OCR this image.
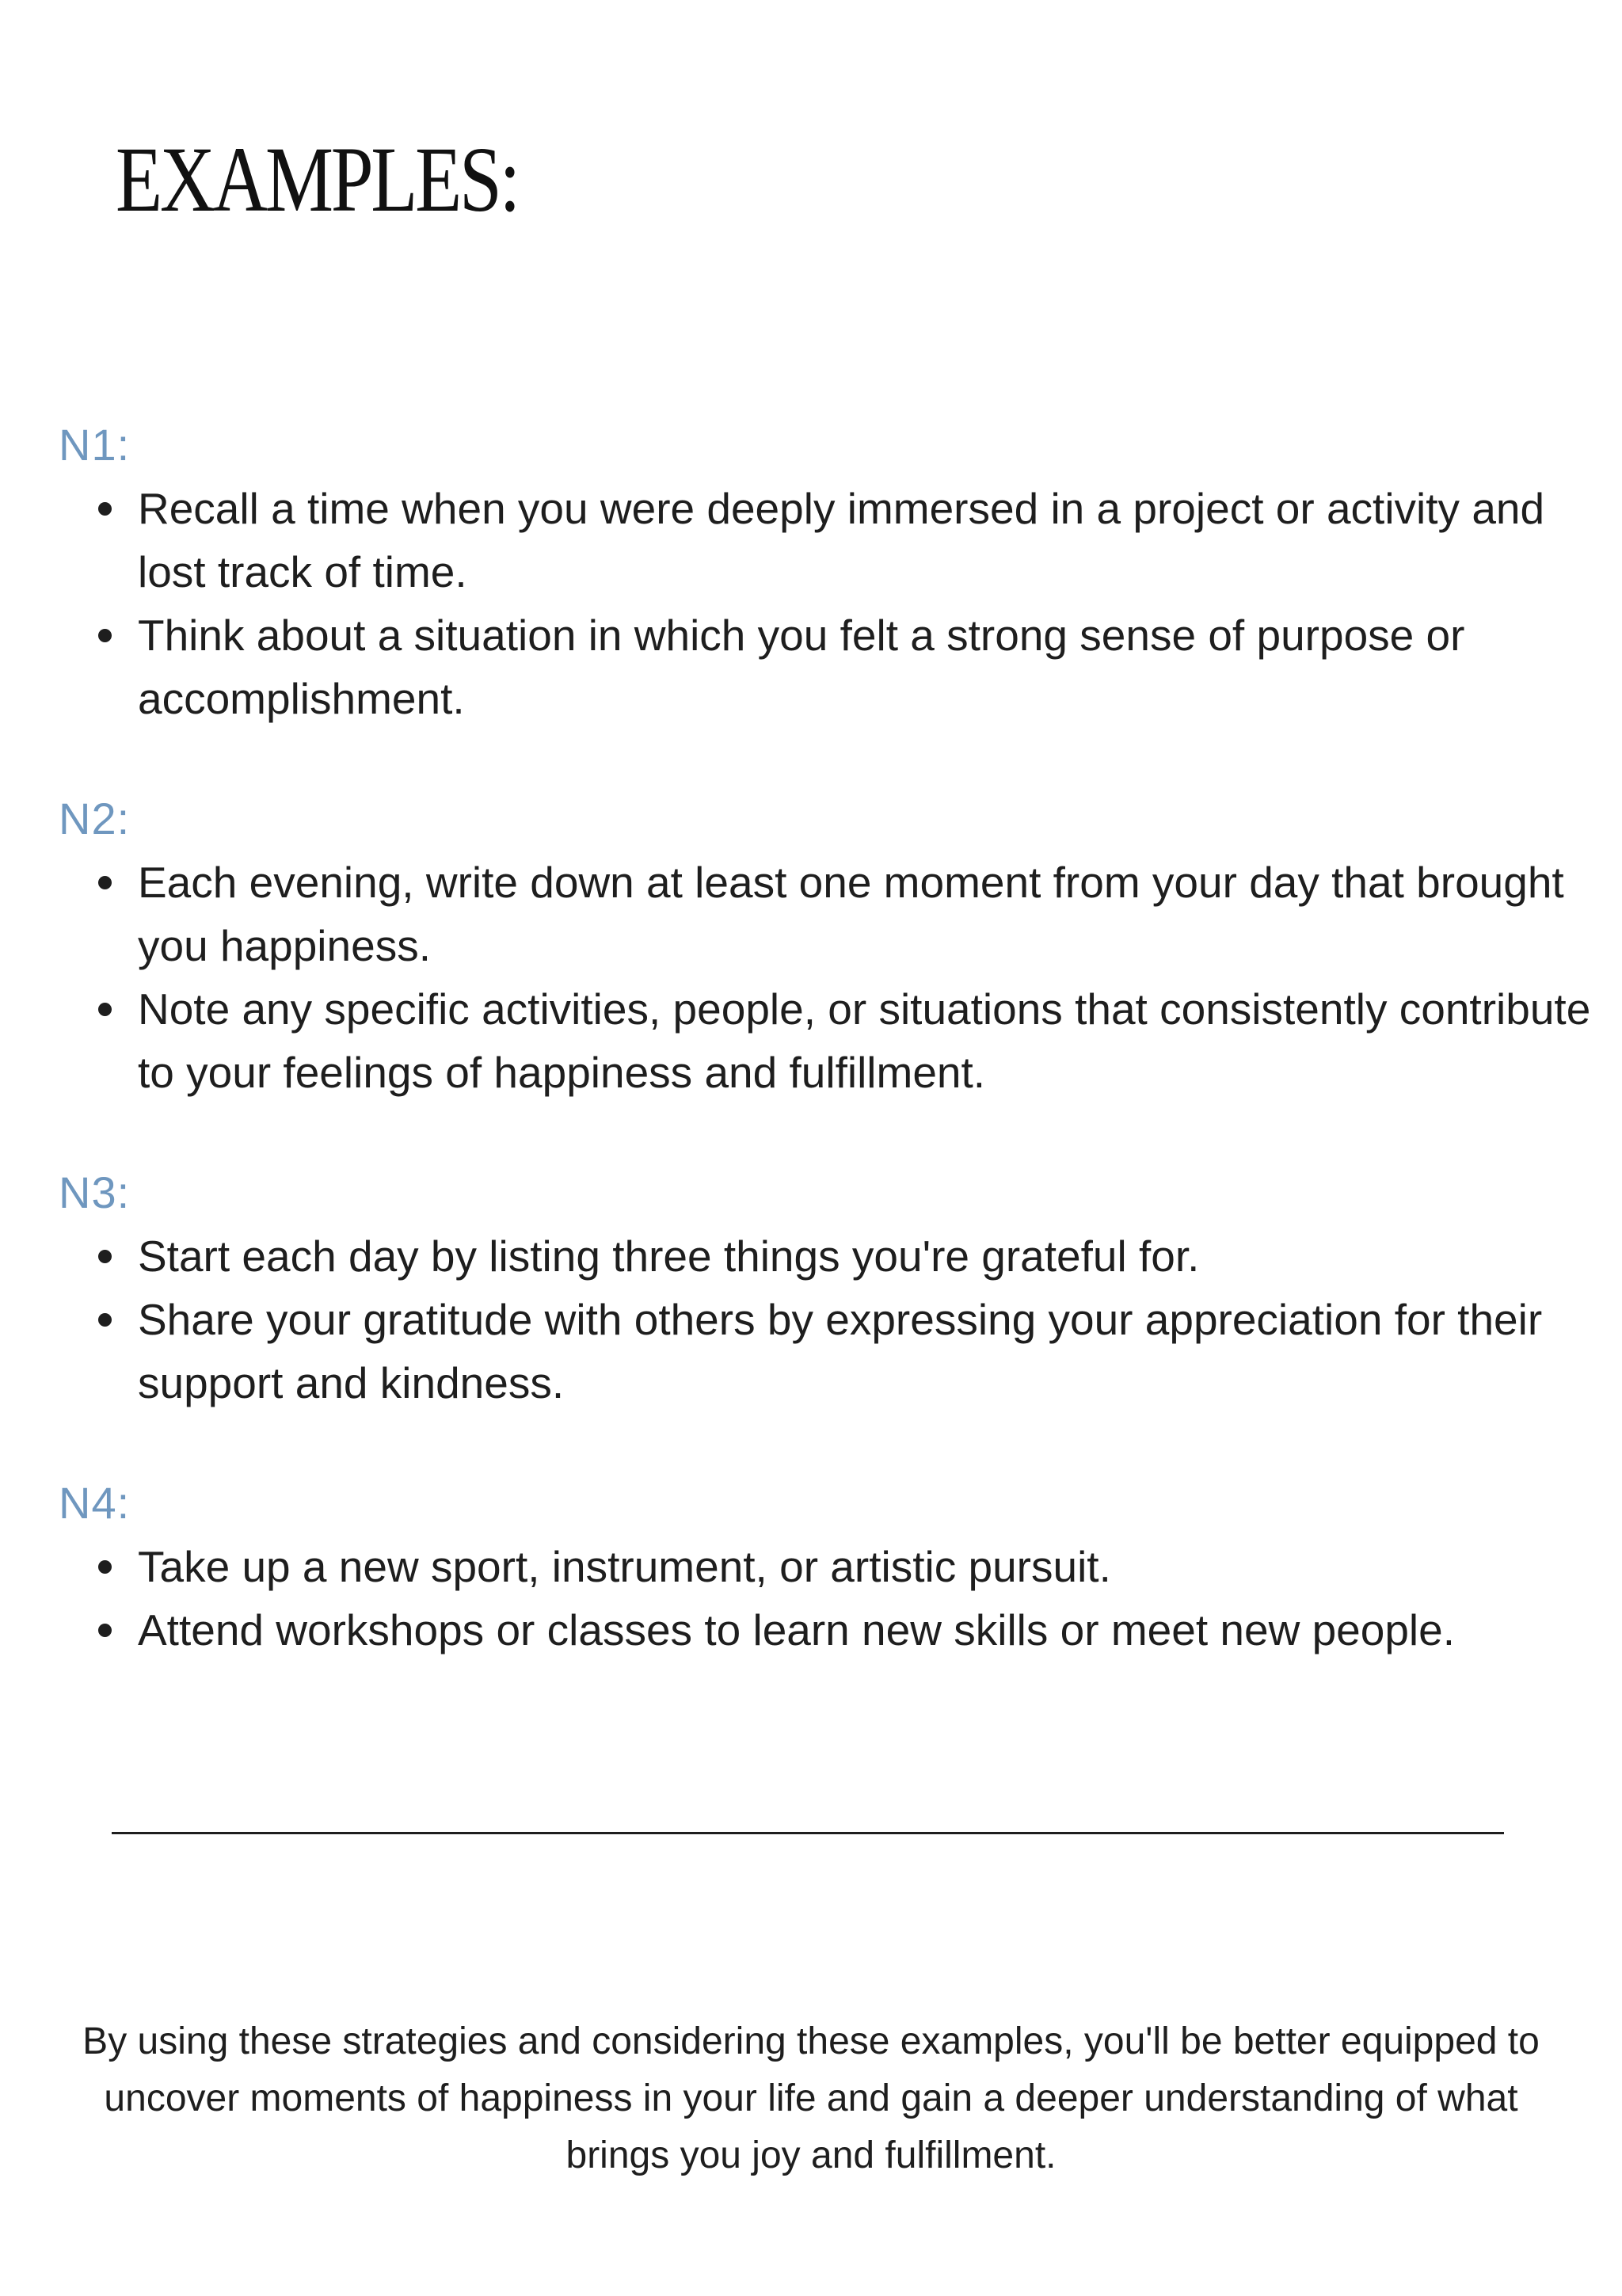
EXAMPLES:

N1:

Recall a time when you were deeply immersed in a project or activity and lost track of time.
Think about a situation in which you felt a strong sense of purpose or accomplishment.

N2:

Each evening, write down at least one moment from your day that brought you happiness.
Note any specific activities, people, or situations that consistently contribute to your feelings of happiness and fulfillment.

N3:

Start each day by listing three things you're grateful for.
Share your gratitude with others by expressing your appreciation for their support and kindness.

N4:

Take up a new sport, instrument, or artistic pursuit.
Attend workshops or classes to learn new skills or meet new people.

By using these strategies and considering these examples, you'll be better equipped to uncover moments of happiness in your life and gain a deeper understanding of what brings you joy and fulfillment.
